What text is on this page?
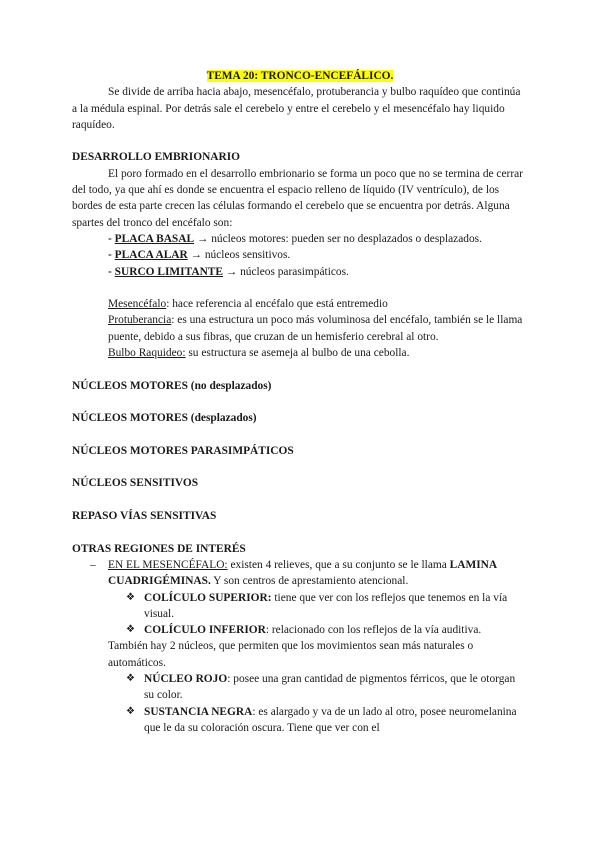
TEMA 20: TRONCO-ENCEFÁLICO.

Se divide de arriba hacia abajo, mesencéfalo, protuberancia y bulbo raquídeo que continúa a la médula espinal. Por detrás sale el cerebelo y entre el cerebelo y el mesencéfalo hay liquido raquídeo.

DESARROLLO EMBRIONARIO

El poro formado en el desarrollo embrionario se forma un poco que no se termina de cerrar del todo, ya que ahí es donde se encuentra el espacio relleno de líquido (IV ventrículo), de los bordes de esta parte crecen las células formando el cerebelo que se encuentra por detrás. Alguna spartes del tronco del encéfalo son:

- PLACA BASAL → núcleos motores: pueden ser no desplazados o desplazados.

- PLACA ALAR → núcleos sensitivos.

- SURCO LIMITANTE → núcleos parasimpáticos.

Mesencéfalo: hace referencia al encéfalo que está entremedio

Protuberancia: es una estructura un poco más voluminosa del encéfalo, también se le llama puente, debido a sus fibras, que cruzan de un hemisferio cerebral al otro.

Bulbo Raquideo: su estructura se asemeja al bulbo de una cebolla.

NÚCLEOS MOTORES (no desplazados)

NÚCLEOS MOTORES (desplazados)

NÚCLEOS MOTORES PARASIMPÁTICOS

NÚCLEOS SENSITIVOS

REPASO VÍAS SENSITIVAS

OTRAS REGIONES DE INTERÉS

– EN EL MESENCÉFALO: existen 4 relieves, que a su conjunto se le llama LAMINA CUADRIGÉMINAS. Y son centros de aprestamiento atencional.
❖ COLÍCULO SUPERIOR: tiene que ver con los reflejos que tenemos en la vía visual.
❖ COLÍCULO INFERIOR: relacionado con los reflejos de la vía auditiva.

También hay 2 núcleos, que permiten que los movimientos sean más naturales o automáticos.

❖ NÚCLEO ROJO: posee una gran cantidad de pigmentos férricos, que le otorgan su color.
❖ SUSTANCIA NEGRA: es alargado y va de un lado al otro, posee neuromelanina que le da su coloración oscura. Tiene que ver con el
